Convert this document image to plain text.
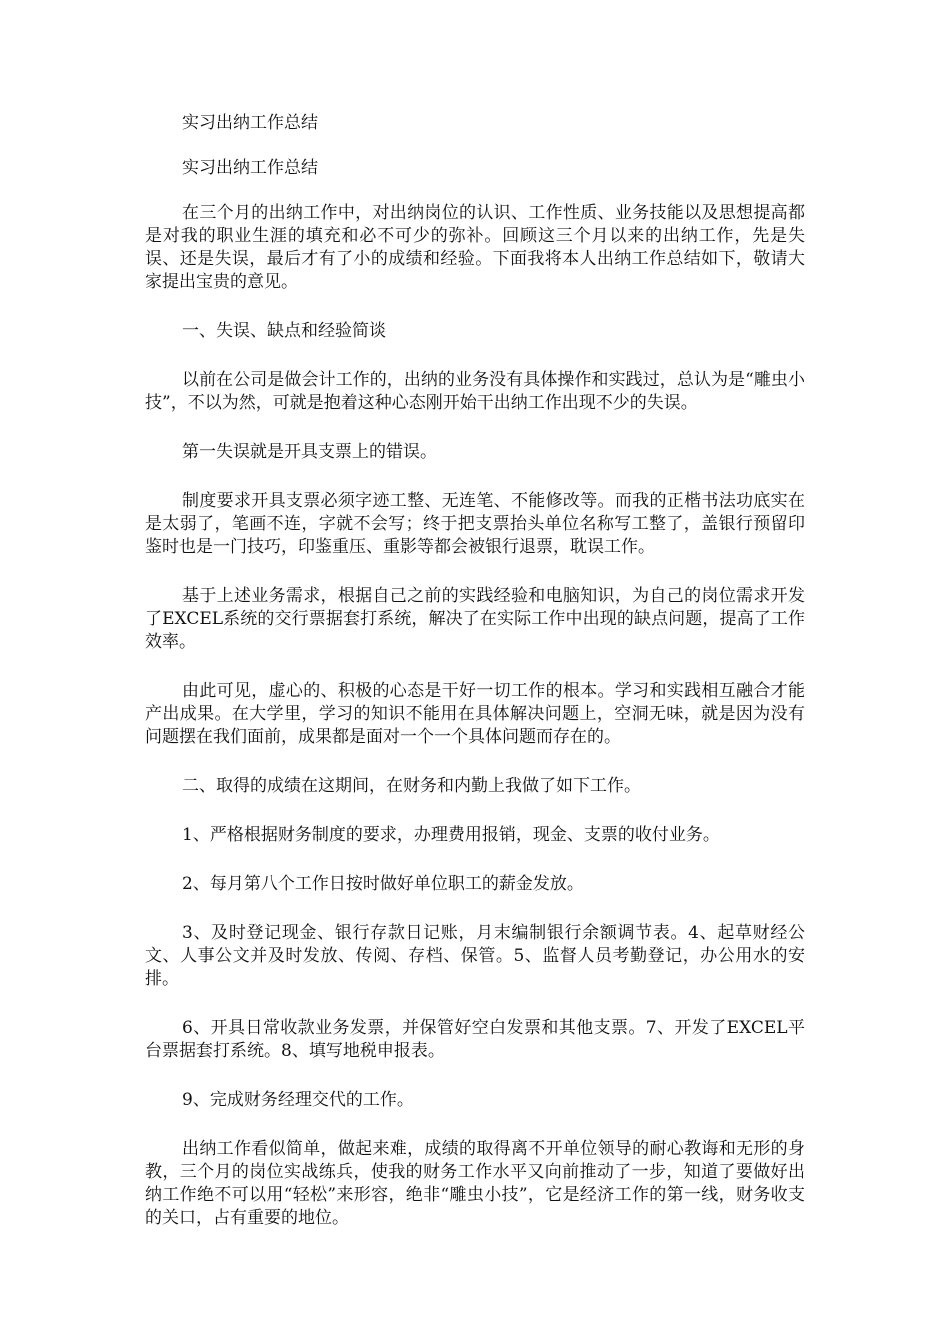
实习出纳工作总结

实习出纳工作总结

在三个月的出纳工作中，对出纳岗位的认识、工作性质、业务技能以及思想提高都是对我的职业生涯的填充和必不可少的弥补。回顾这三个月以来的出纳工作，先是失误、还是失误，最后才有了小的成绩和经验。下面我将本人出纳工作总结如下，敬请大家提出宝贵的意见。

一、失误、缺点和经验简谈

以前在公司是做会计工作的，出纳的业务没有具体操作和实践过，总认为是“雕虫小技”，不以为然，可就是抱着这种心态刚开始干出纳工作出现不少的失误。

第一失误就是开具支票上的错误。

制度要求开具支票必须字迹工整、无连笔、不能修改等。而我的正楷书法功底实在是太弱了，笔画不连，字就不会写；终于把支票抬头单位名称写工整了，盖银行预留印鉴时也是一门技巧，印鉴重压、重影等都会被银行退票，耽误工作。

基于上述业务需求，根据自己之前的实践经验和电脑知识，为自己的岗位需求开发了EXCEL系统的交行票据套打系统，解决了在实际工作中出现的缺点问题，提高了工作效率。

由此可见，虚心的、积极的心态是干好一切工作的根本。学习和实践相互融合才能产出成果。在大学里，学习的知识不能用在具体解决问题上，空洞无味，就是因为没有问题摆在我们面前，成果都是面对一个一个具体问题而存在的。

二、取得的成绩在这期间，在财务和内勤上我做了如下工作。

1、严格根据财务制度的要求，办理费用报销，现金、支票的收付业务。

2、每月第八个工作日按时做好单位职工的薪金发放。

3、及时登记现金、银行存款日记账，月末编制银行余额调节表。4、起草财经公文、人事公文并及时发放、传阅、存档、保管。5、监督人员考勤登记，办公用水的安排。

6、开具日常收款业务发票，并保管好空白发票和其他支票。7、开发了EXCEL平台票据套打系统。8、填写地税申报表。

9、完成财务经理交代的工作。

出纳工作看似简单，做起来难，成绩的取得离不开单位领导的耐心教诲和无形的身教，三个月的岗位实战练兵，使我的财务工作水平又向前推动了一步，知道了要做好出纳工作绝不可以用“轻松”来形容，绝非“雕虫小技”，它是经济工作的第一线，财务收支的关口，占有重要的地位。
